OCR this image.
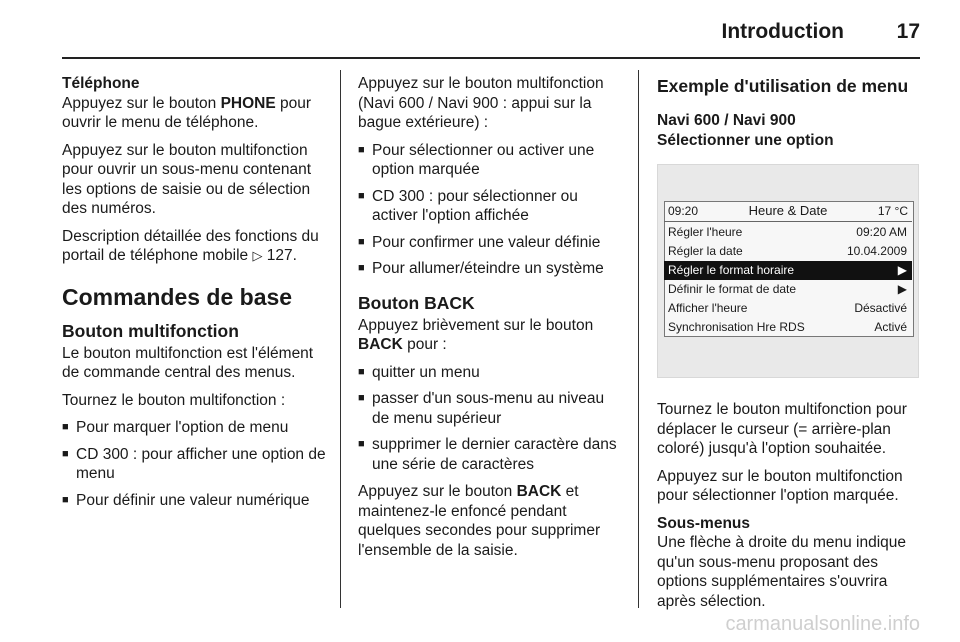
Introduction	17

Téléphone

Appuyez sur le bouton PHONE pour ouvrir le menu de téléphone.

Appuyez sur le bouton multifonction pour ouvrir un sous-menu contenant les options de saisie ou de sélection des numéros.

Description détaillée des fonctions du portail de téléphone mobile ▷ 127.

Commandes de base

Bouton multifonction

Le bouton multifonction est l'élément de commande central des menus.

Tournez le bouton multifonction :

■ Pour marquer l'option de menu
■ CD 300 : pour afficher une option de menu
■ Pour définir une valeur numérique

Appuyez sur le bouton multifonction (Navi 600 / Navi 900 : appui sur la bague extérieure) :

■ Pour sélectionner ou activer une option marquée
■ CD 300 : pour sélectionner ou activer l'option affichée
■ Pour confirmer une valeur définie
■ Pour allumer/éteindre un système

Bouton BACK

Appuyez brièvement sur le bouton BACK pour :

■ quitter un menu
■ passer d'un sous-menu au niveau de menu supérieur
■ supprimer le dernier caractère dans une série de caractères

Appuyez sur le bouton BACK et maintenez-le enfoncé pendant quelques secondes pour supprimer l'ensemble de la saisie.

Exemple d'utilisation de menu

Navi 600 / Navi 900

Sélectionner une option

09:20	Heure & Date	17 °C
Régler l'heure	09:20 AM
Régler la date	10.04.2009
Régler le format horaire	▶
Définir le format de date	▶
Afficher l'heure	Désactivé
Synchronisation Hre RDS	Activé

Tournez le bouton multifonction pour déplacer le curseur (= arrière-plan coloré) jusqu'à l'option souhaitée.

Appuyez sur le bouton multifonction pour sélectionner l'option marquée.

Sous-menus

Une flèche à droite du menu indique qu'un sous-menu proposant des options supplémentaires s'ouvrira après sélection.

carmanualsonline.info
